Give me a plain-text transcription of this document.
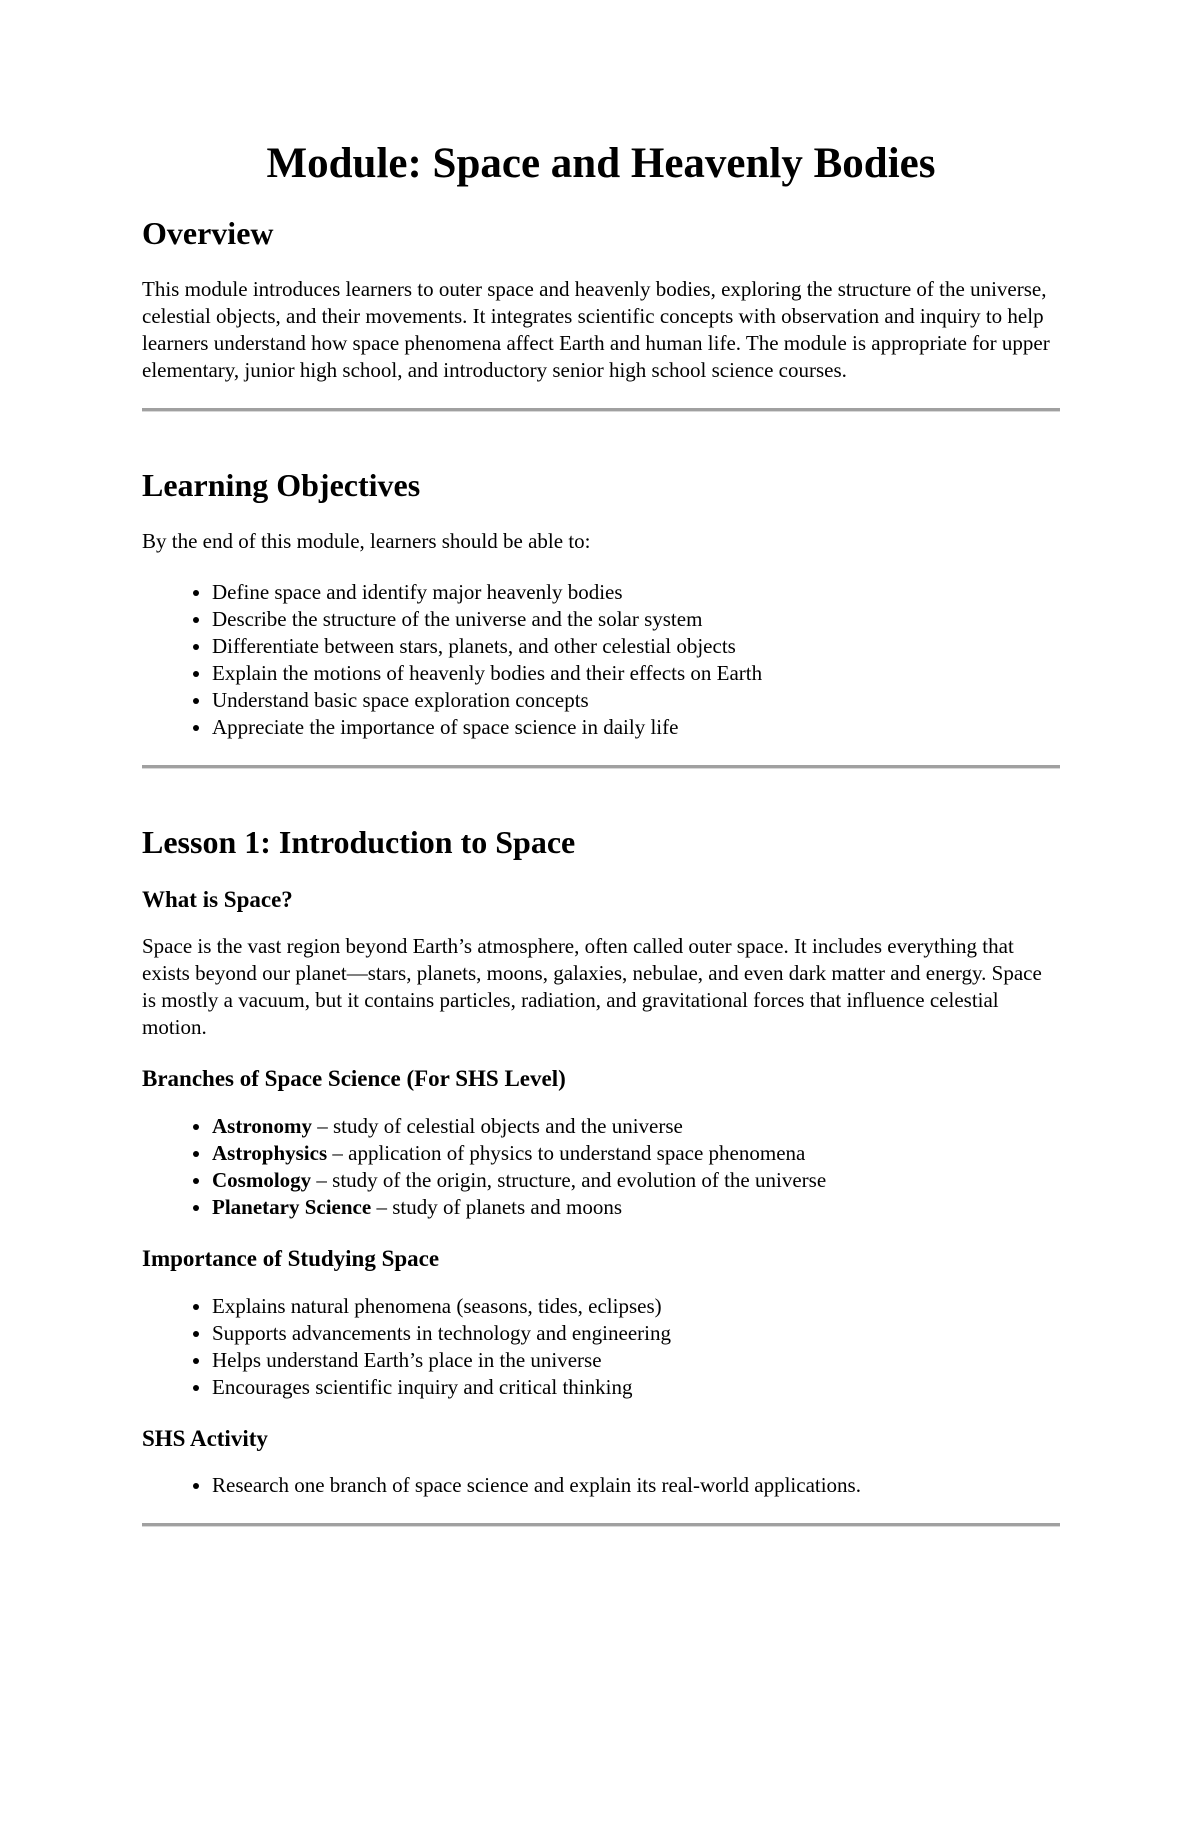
Module: Space and Heavenly Bodies
Overview

This module introduces learners to outer space and heavenly bodies, exploring the structure of the universe, celestial objects, and their movements. It integrates scientific concepts with observation and inquiry to help learners understand how space phenomena affect Earth and human life. The module is appropriate for upper elementary, junior high school, and introductory senior high school science courses.

Learning Objectives

By the end of this module, learners should be able to:

• Define space and identify major heavenly bodies
• Describe the structure of the universe and the solar system
• Differentiate between stars, planets, and other celestial objects
• Explain the motions of heavenly bodies and their effects on Earth
• Understand basic space exploration concepts
• Appreciate the importance of space science in daily life
Lesson 1: Introduction to Space
What is Space?

Space is the vast region beyond Earth’s atmosphere, often called outer space. It includes everything that exists beyond our planet—stars, planets, moons, galaxies, nebulae, and even dark matter and energy. Space is mostly a vacuum, but it contains particles, radiation, and gravitational forces that influence celestial motion.

Branches of Space Science (For SHS Level)
• Astronomy – study of celestial objects and the universe
• Astrophysics – application of physics to understand space phenomena
• Cosmology – study of the origin, structure, and evolution of the universe
• Planetary Science – study of planets and moons
Importance of Studying Space
• Explains natural phenomena (seasons, tides, eclipses)
• Supports advancements in technology and engineering
• Helps understand Earth’s place in the universe
• Encourages scientific inquiry and critical thinking
SHS Activity
• Research one branch of space science and explain its real-world applications.
